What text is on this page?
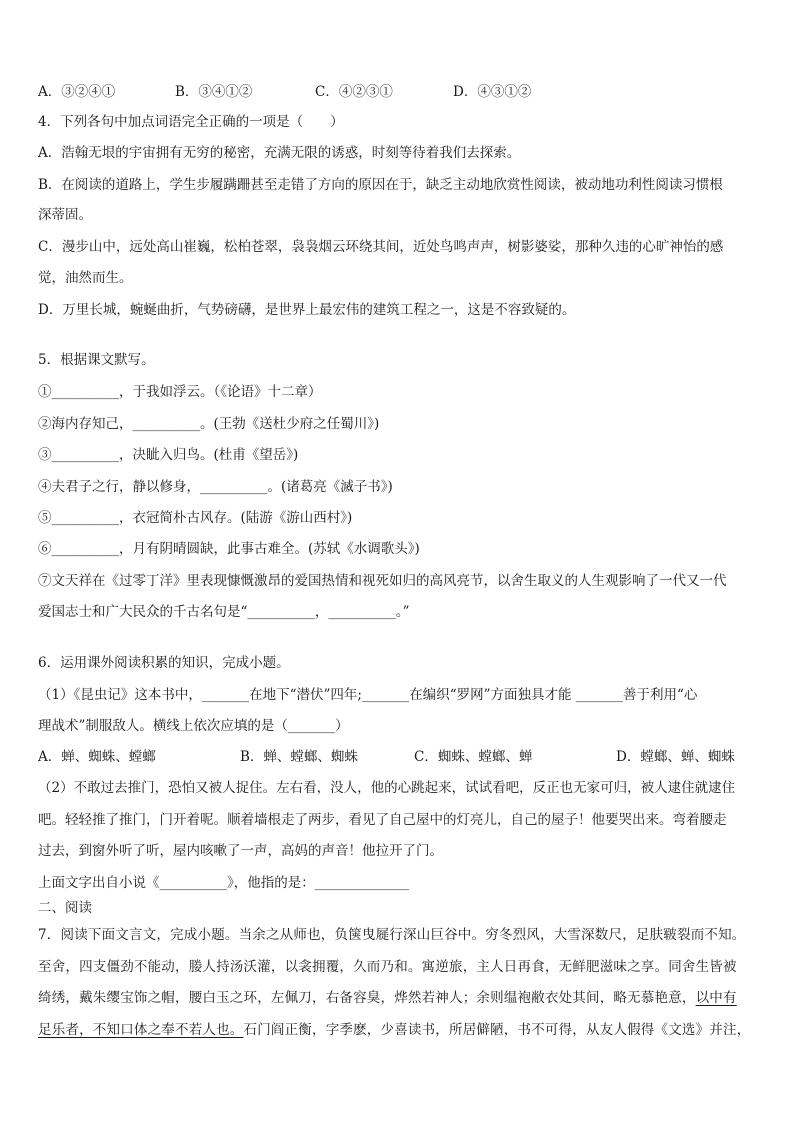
A．③②④①	B．③④①②	C．④②③①	D．④③①②
4．下列各句中加点词语完全正确的一项是（　　）
A．浩翰无垠的宇宙拥有无穷的秘密，充满无限的诱惑，时刻等待着我们去探索。
B．在阅读的道路上，学生步履蹒跚甚至走错了方向的原因在于，缺乏主动地欣赏性阅读，被动地功利性阅读习惯根
深蒂固。
C．漫步山中，远处高山崔巍，松柏苍翠，袅袅烟云环绕其间，近处鸟鸣声声，树影婆娑，那种久违的心旷神怡的感
觉，油然而生。
D．万里长城，蜿蜒曲折，气势磅礴，是世界上最宏伟的建筑工程之一，这是不容致疑的。
5．根据课文默写。
①__________，于我如浮云。（《论语》十二章）
②海内存知己，__________。(王勃《送杜少府之任蜀川》)
③__________，决眦入归鸟。(杜甫《望岳》)
④夫君子之行，静以修身，__________。(诸葛亮《滅子书》)
⑤__________，衣冠简朴古风存。(陆游《游山西村》)
⑥__________，月有阴晴圆缺，此事古难全。(苏轼《水调歌头》)
⑦文天祥在《过零丁洋》里表现慷慨激昂的爱国热情和视死如归的高风亮节，以舍生取义的人生观影响了一代又一代
爱国志士和广大民众的千古名句是“__________，__________。”
6．运用课外阅读积累的知识，完成小题。
（1）《昆虫记》这本书中，_______在地下“潜伏”四年;_______在编织“罗网”方面独具才能 _______善于利用“心
理战术”制服敌人。横线上依次应填的是（_______）
A．蝉、蜘蛛、螳螂	B．蝉、螳螂、蜘蛛	C．蜘蛛、螳螂、蝉	D．螳螂、蝉、蜘蛛
（2）不敢过去推门，恐怕又被人捉住。左右看，没人，他的心跳起来，试试看吧，反正也无家可归，被人逮住就逮住
吧。轻轻推了推门，门开着呢。顺着墙根走了两步，看见了自己屋中的灯亮儿，自己的屋子！他要哭出来。弯着腰走
过去，到窗外听了听，屋内咳嗽了一声，高妈的声音！他拉开了门。
上面文字出自小说《__________》，他指的是：______________
二、阅读
7．阅读下面文言文，完成小题。当余之从师也，负箧曳屣行深山巨谷中。穷冬烈风，大雪深数尺，足肤皲裂而不知。
至舍，四支僵劲不能动，媵人持汤沃灌，以衾拥覆，久而乃和。寓逆旅，主人日再食，无鲜肥滋味之享。同舍生皆被
绮绣，戴朱缨宝饰之帽，腰白玉之环，左佩刀，右备容臭，烨然若神人；余则缊袍敝衣处其间，略无慕艳意，以中有
足乐者，不知口体之奉不若人也。石门阎正衡，字季麽，少喜读书，所居僻陋，书不可得，从友人假得《文选》并注，
